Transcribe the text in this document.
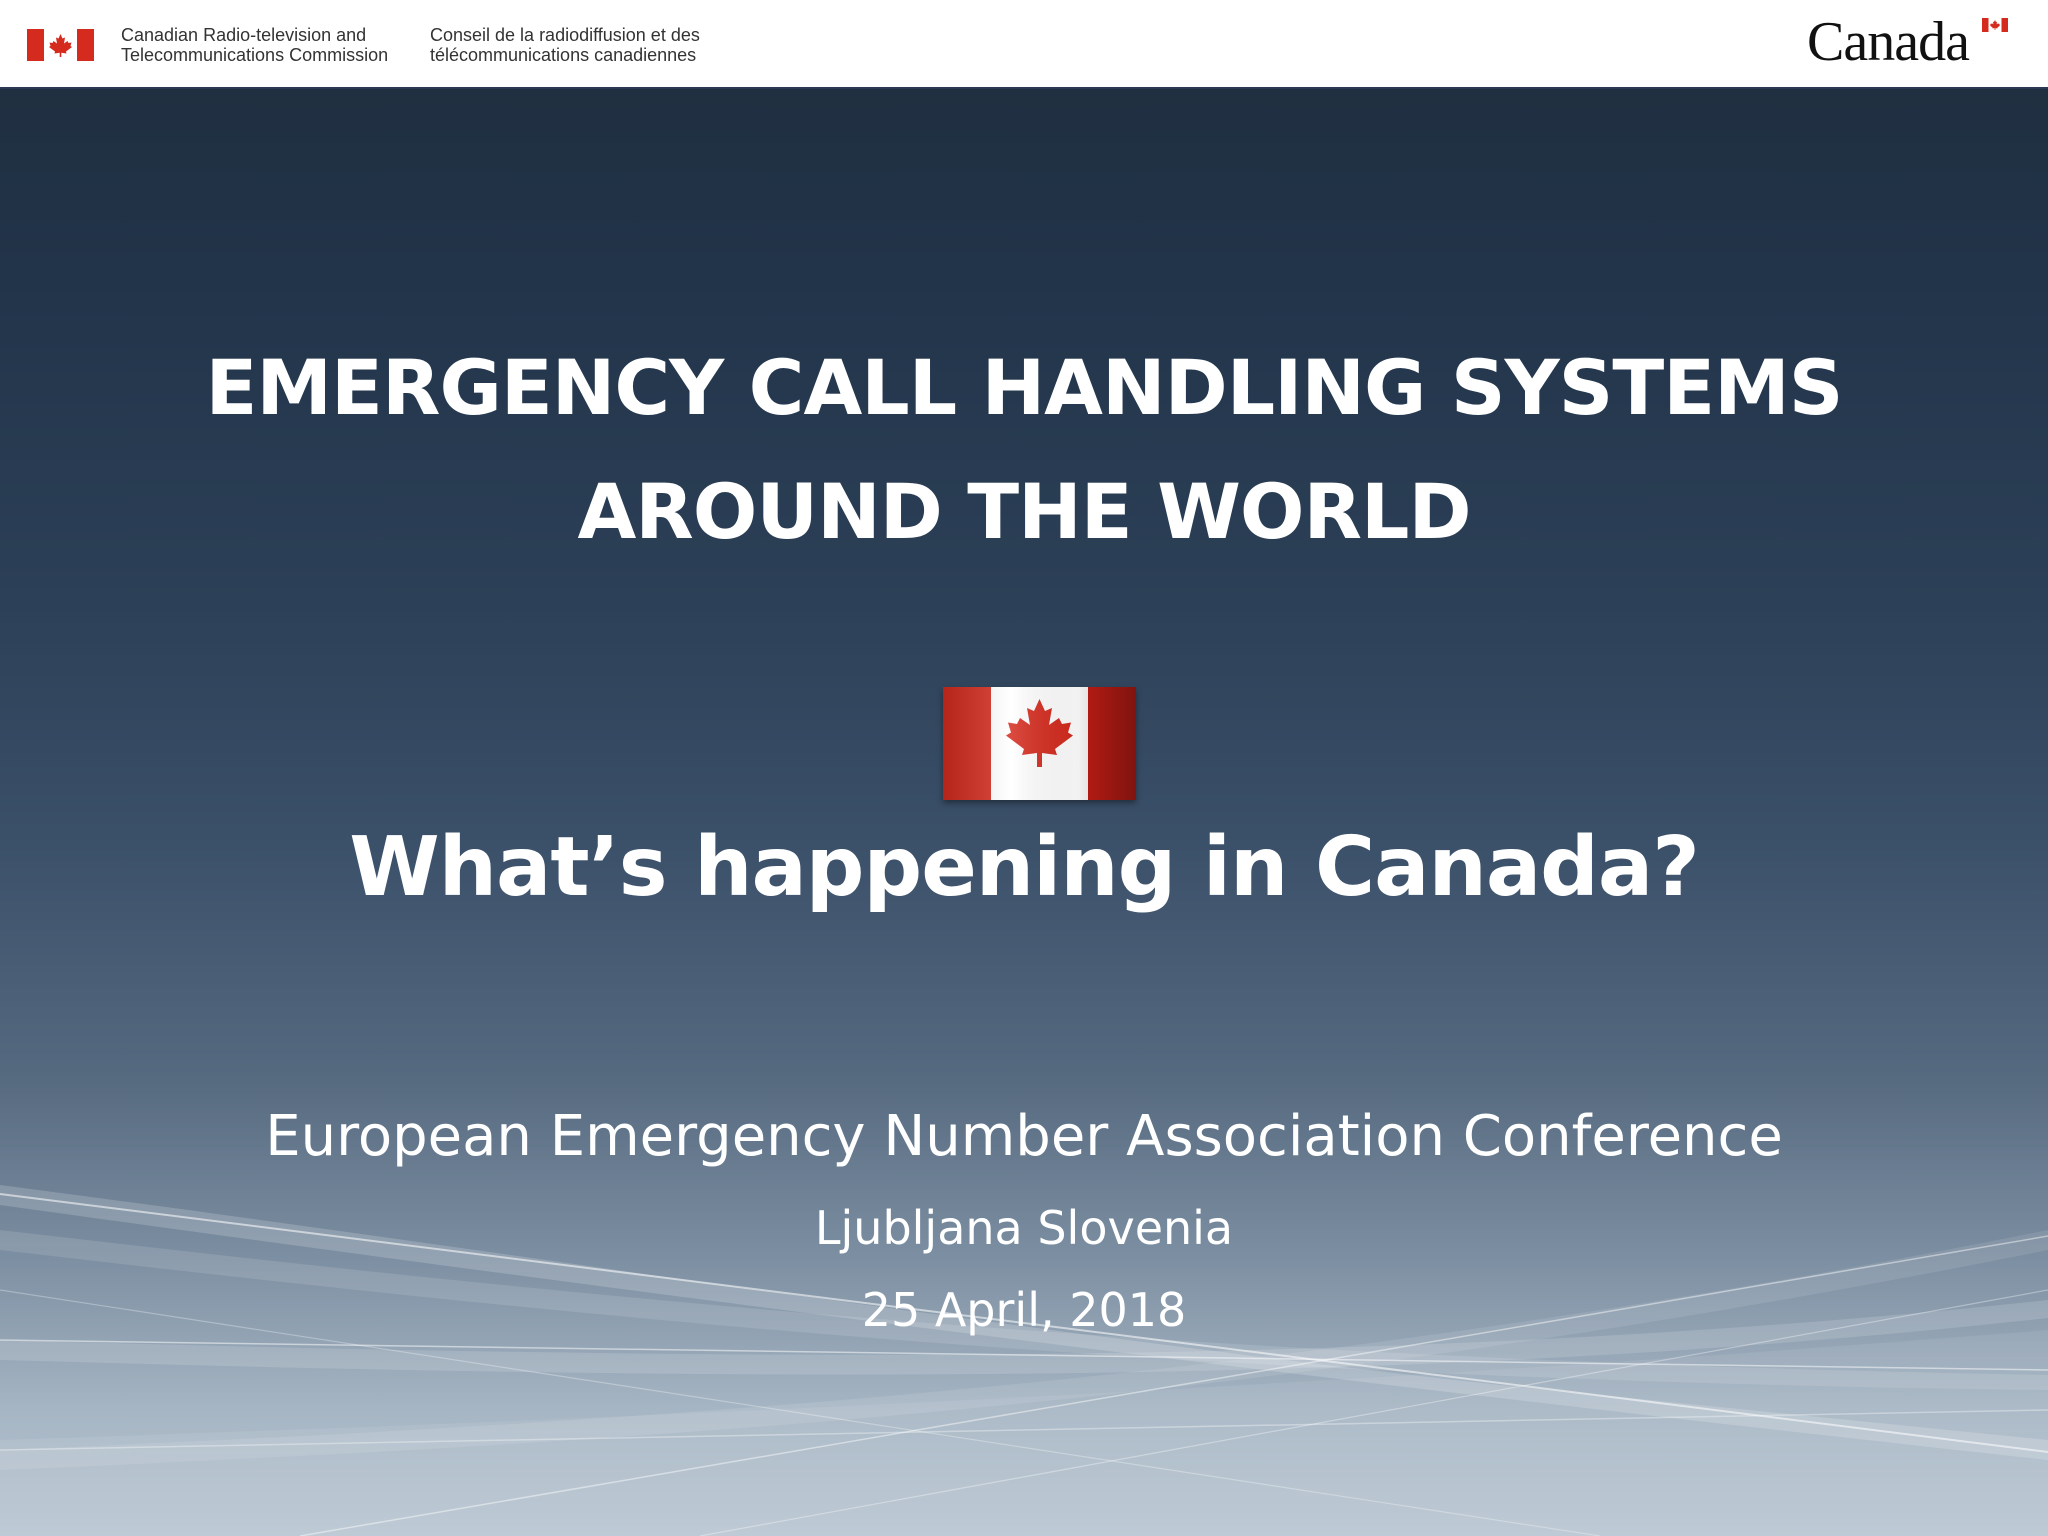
Canadian Radio-television and
Telecommunications Commission
Conseil de la radiodiffusion et des
télécommunications canadiennes	Canada
EMERGENCY CALL HANDLING SYSTEMS
AROUND THE WORLD
What’s happening in Canada?
European Emergency Number Association Conference
Ljubljana Slovenia
25 April, 2018
